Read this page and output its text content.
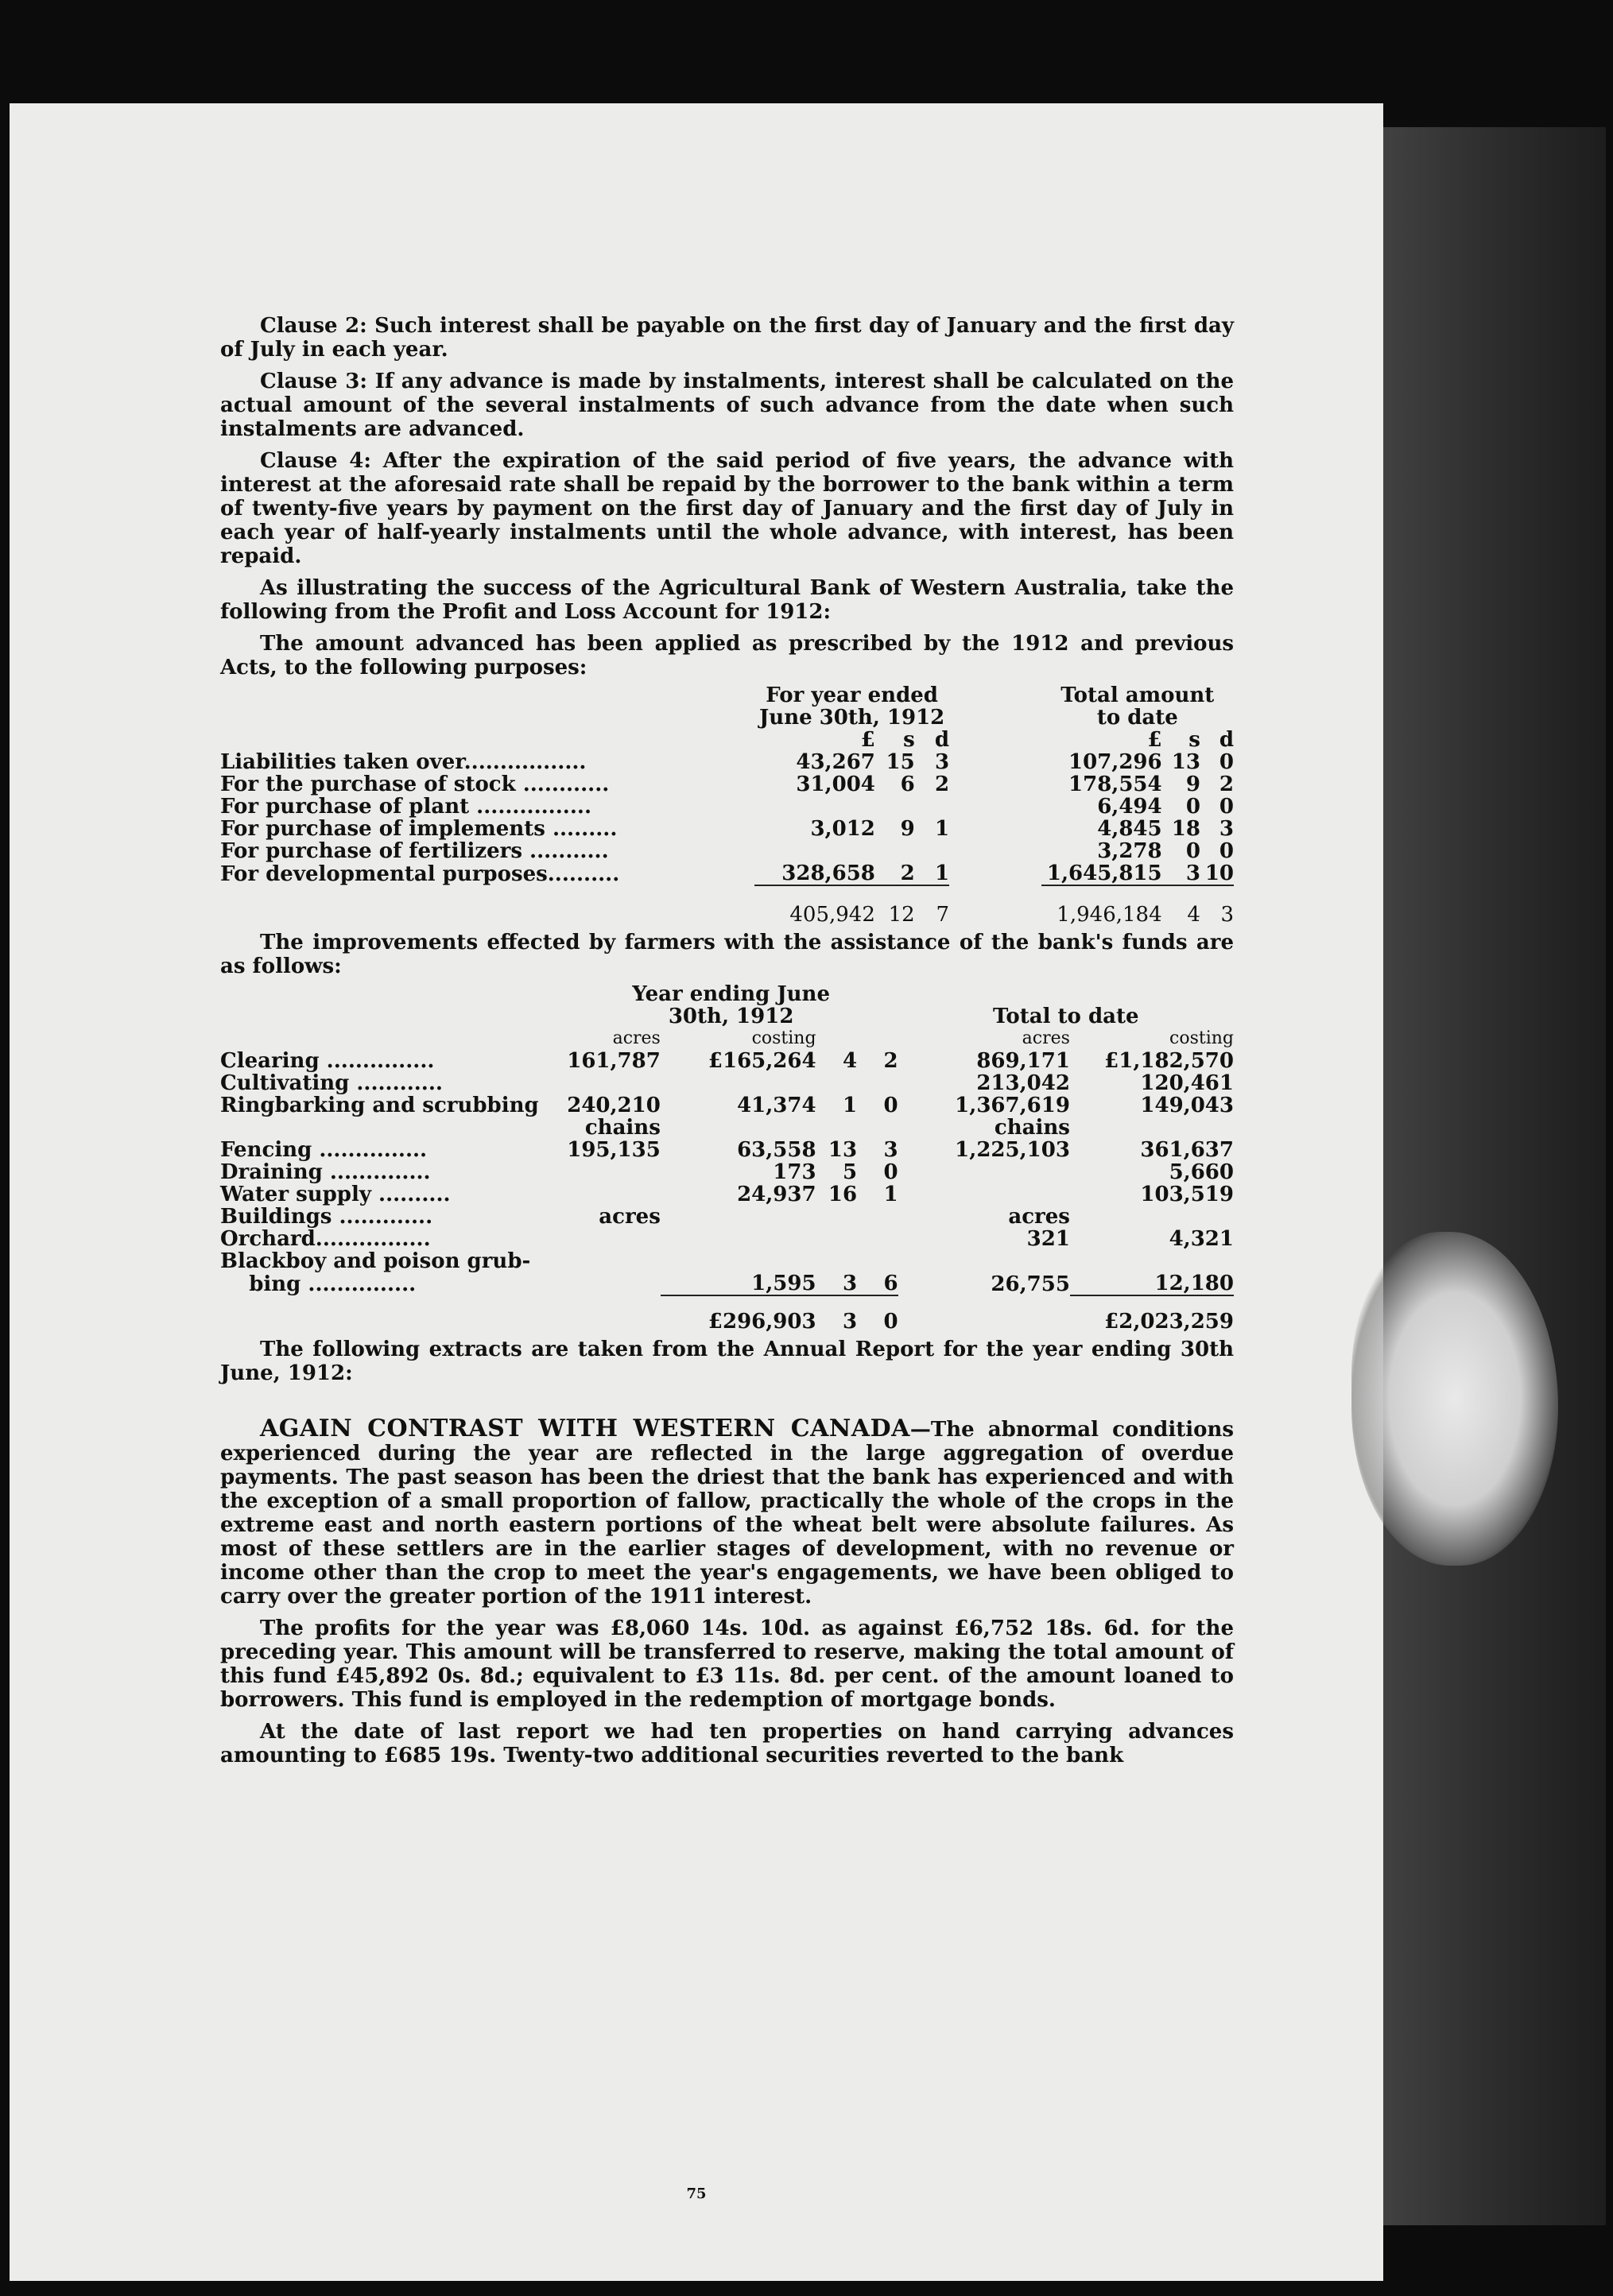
Clause 2: Such interest shall be payable on the first day of January and the first day of July in each year.

Clause 3: If any advance is made by instalments, interest shall be calculated on the actual amount of the several instalments of such advance from the date when such instalments are advanced.

Clause 4: After the expiration of the said period of five years, the advance with interest at the aforesaid rate shall be repaid by the borrower to the bank within a term of twenty-five years by payment on the first day of January and the first day of July in each year of half-yearly instalments until the whole advance, with interest, has been repaid.

As illustrating the success of the Agricultural Bank of Western Australia, take the following from the Profit and Loss Account for 1912:

The amount advanced has been applied as prescribed by the 1912 and previous Acts, to the following purposes:

	For year ended				Total amount		
	June 30th, 1912				to date		
	£	s	d		£	s	d
Liabilities taken over.................	43,267	15	3		107,296	13	0
For the purchase of stock ............	31,004	6	2		178,554	9	2
For purchase of plant ................					6,494	0	0
For purchase of implements .........	3,012	9	1		4,845	18	3
For purchase of fertilizers ...........					3,278	0	0
For developmental purposes..........	328,658	2	1		1,645,815	3	10

	405,942	12	7		1,946,184	4	3

The improvements effected by farmers with the assistance of the bank's funds are as follows:

	Year ending June					
	30th, 1912				Total to date	
	acres	costing			acres	costing
Clearing ...............	161,787	£165,264	4	2	869,171	£1,182,570
Cultivating ............					213,042	120,461
Ringbarking and scrubbing	240,210	41,374	1	0	1,367,619	149,043
	chains				chains	
Fencing ...............	195,135	63,558	13	3	1,225,103	361,637
Draining ..............		173	5	0		5,660
Water supply ..........		24,937	16	1		103,519
Buildings .............	acres				acres	
Orchard................					321	4,321
Blackboy and poison grub-						
bing ...............		1,595	3	6	26,755	12,180
		£296,903	3	0		£2,023,259

The following extracts are taken from the Annual Report for the year ending 30th June, 1912:

AGAIN CONTRAST WITH WESTERN CANADA—The abnormal conditions experienced during the year are reflected in the large aggregation of overdue payments. The past season has been the driest that the bank has experienced and with the exception of a small proportion of fallow, practically the whole of the crops in the extreme east and north eastern portions of the wheat belt were absolute failures. As most of these settlers are in the earlier stages of development, with no revenue or income other than the crop to meet the year's engagements, we have been obliged to carry over the greater portion of the 1911 interest.

The profits for the year was £8,060 14s. 10d. as against £6,752 18s. 6d. for the preceding year. This amount will be transferred to reserve, making the total amount of this fund £45,892 0s. 8d.; equivalent to £3 11s. 8d. per cent. of the amount loaned to borrowers. This fund is employed in the redemption of mortgage bonds.

At the date of last report we had ten properties on hand carrying advances amounting to £685 19s. Twenty-two additional securities reverted to the bank

75
